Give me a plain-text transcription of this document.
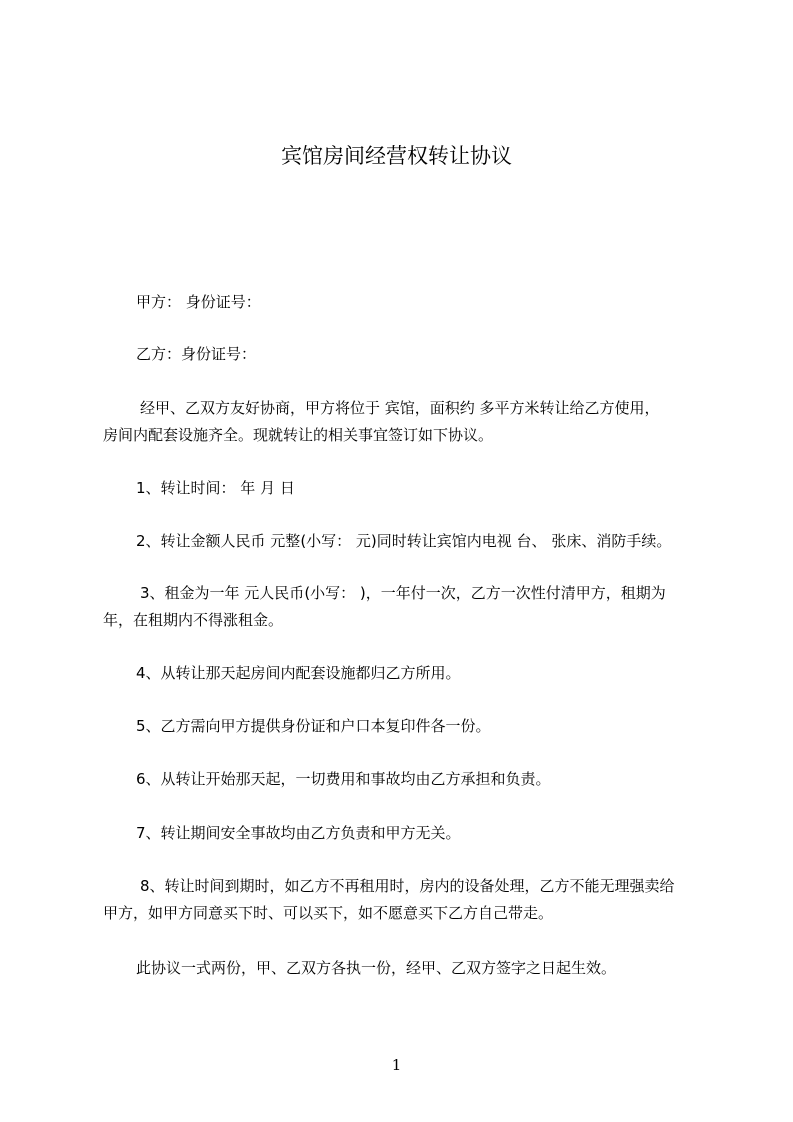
宾馆房间经营权转让协议
甲方： 身份证号：
乙方：身份证号：
经甲、乙双方友好协商，甲方将位于 宾馆，面积约 多平方米转让给乙方使用，
房间内配套设施齐全。现就转让的相关事宜签订如下协议。
1、转让时间： 年 月 日
2、转让金额人民币 元整(小写： 元)同时转让宾馆内电视 台、 张床、消防手续。
3、租金为一年 元人民币(小写： )，一年付一次，乙方一次性付清甲方，租期为
年，在租期内不得涨租金。
4、从转让那天起房间内配套设施都归乙方所用。
5、乙方需向甲方提供身份证和户口本复印件各一份。
6、从转让开始那天起，一切费用和事故均由乙方承担和负责。
7、转让期间安全事故均由乙方负责和甲方无关。
8、转让时间到期时，如乙方不再租用时，房内的设备处理，乙方不能无理强卖给
甲方，如甲方同意买下时、可以买下，如不愿意买下乙方自己带走。
此协议一式两份，甲、乙双方各执一份，经甲、乙双方签字之日起生效。
1
